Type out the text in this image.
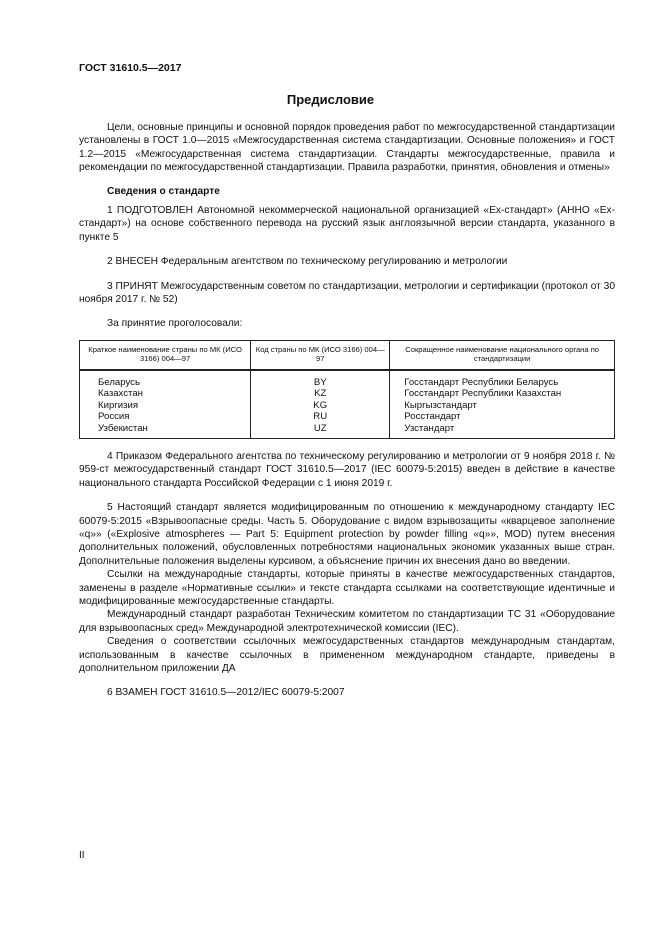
ГОСТ 31610.5—2017
Предисловие

Цели, основные принципы и основной порядок проведения работ по межгосударственной стандартизации установлены в ГОСТ 1.0—2015 «Межгосударственная система стандартизации. Основные положения» и ГОСТ 1.2—2015 «Межгосударственная система стандартизации. Стандарты межгосударственные, правила и рекомендации по межгосударственной стандартизации. Правила разработки, принятия, обновления и отмены»

Сведения о стандарте

1 ПОДГОТОВЛЕН Автономной некоммерческой национальной организацией «Ех-стандарт» (АННО «Ех-стандарт») на основе собственного перевода на русский язык англоязычной версии стандарта, указанного в пункте 5

2 ВНЕСЕН Федеральным агентством по техническому регулированию и метрологии

3 ПРИНЯТ Межгосударственным советом по стандартизации, метрологии и сертификации (протокол от 30 ноября 2017 г. № 52)

За принятие проголосовали:

Краткое наименование страны по МК (ИСО 3166) 004—97	Код страны по МК (ИСО 3166) 004—97	Сокращенное наименование национального органа по стандартизации
Беларусь	BY	Госстандарт Республики Беларусь
Казахстан	KZ	Госстандарт Республики Казахстан
Киргизия	KG	Кыргызстандарт
Россия	RU	Росстандарт
Узбекистан	UZ	Узстандарт

4 Приказом Федерального агентства по техническому регулированию и метрологии от 9 ноября 2018 г. № 959-ст межгосударственный стандарт ГОСТ 31610.5—2017 (IEC 60079-5:2015) введен в действие в качестве национального стандарта Российской Федерации с 1 июня 2019 г.

5 Настоящий стандарт является модифицированным по отношению к международному стандарту IEC 60079-5:2015 «Взрывоопасные среды. Часть 5. Оборудование с видом взрывозащиты «кварцевое заполнение «q»» («Explosive atmospheres — Part 5: Equipment protection by powder filling «q»», MOD) путем внесения дополнительных положений, обусловленных потребностями национальных экономик указанных выше стран. Дополнительные положения выделены курсивом, а объяснение причин их внесения дано во введении.

Ссылки на международные стандарты, которые приняты в качестве межгосударственных стандартов, заменены в разделе «Нормативные ссылки» и тексте стандарта ссылками на соответствующие идентичные и модифицированные межгосударственные стандарты.

Международный стандарт разработан Техническим комитетом по стандартизации ТС 31 «Оборудование для взрывоопасных сред» Международной электротехнической комиссии (IEC).

Сведения о соответствии ссылочных межгосударственных стандартов международным стандартам, использованным в качестве ссылочных в примененном международном стандарте, приведены в дополнительном приложении ДА

6 ВЗАМЕН ГОСТ 31610.5—2012/IEC 60079-5:2007

II
